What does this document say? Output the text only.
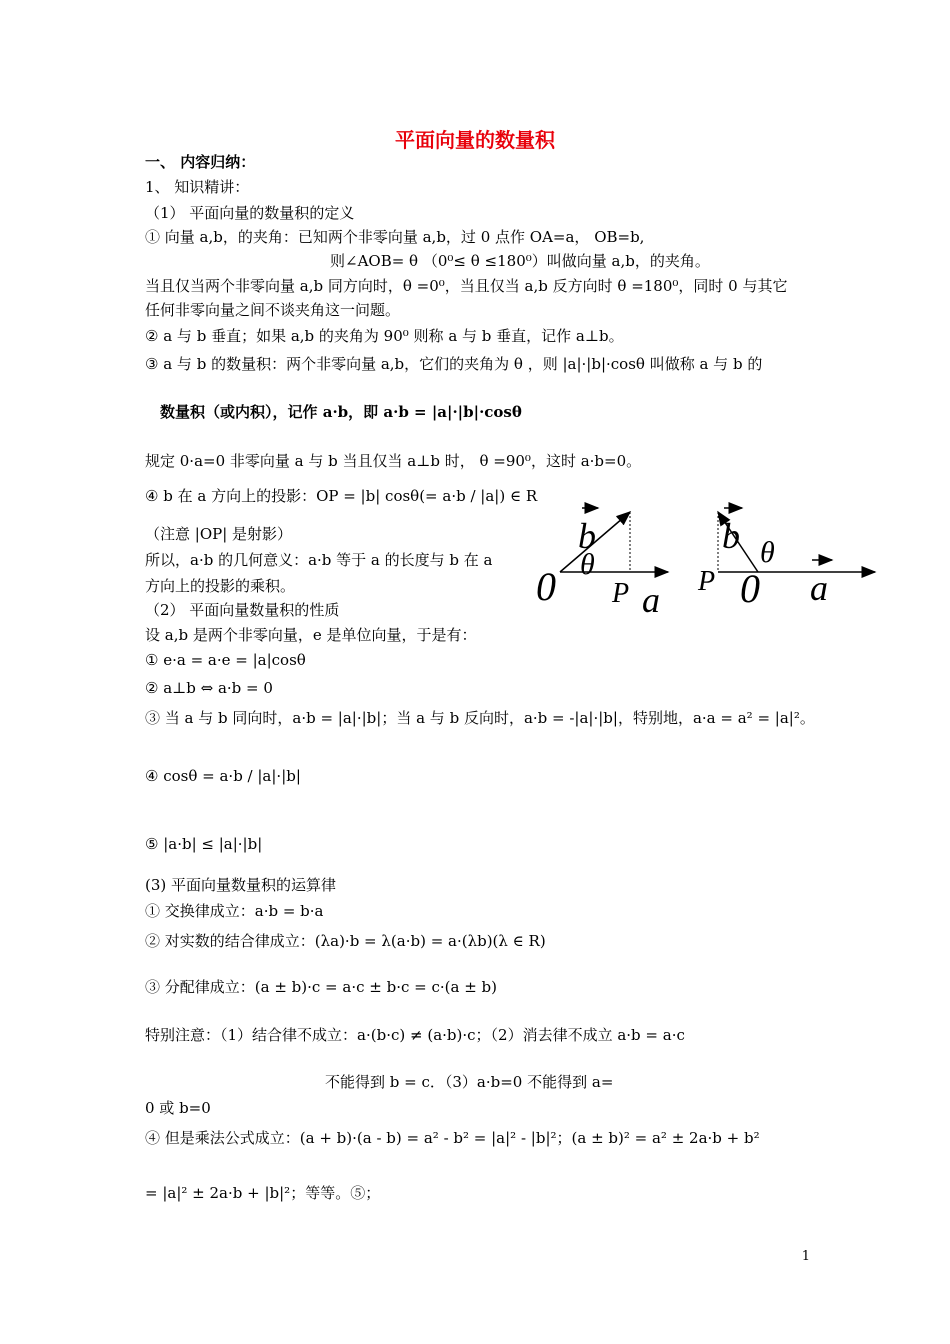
平面向量的数量积
一、 内容归纳：
1、 知识精讲：
（1） 平面向量的数量积的定义
① 向量 a,b，的夹角：已知两个非零向量 a,b，过 0 点作 OA=a， OB=b,
则∠AOB= θ （0⁰≤ θ ≤180⁰）叫做向量 a,b，的夹角。
当且仅当两个非零向量 a,b 同方向时，θ =0⁰，当且仅当 a,b 反方向时 θ =180⁰，同时 0 与其它
任何非零向量之间不谈夹角这一问题。
② a 与 b 垂直；如果 a,b 的夹角为 90⁰ 则称 a 与 b 垂直，记作 a⊥b。
③ a 与 b 的数量积：两个非零向量 a,b，它们的夹角为 θ ，则 |a|·|b|·cosθ 叫做称 a 与 b 的
数量积（或内积），记作 a·b，即 a·b = |a|·|b|·cosθ
规定 0·a=0 非零向量 a 与 b 当且仅当 a⊥b 时， θ =90⁰，这时 a·b=0。
④ b 在 a 方向上的投影：OP = |b| cosθ(= a·b / |a|) ∈ R
（注意 |OP| 是射影）
所以，a·b 的几何意义：a·b 等于 a 的长度与 b 在 a
方向上的投影的乘积。
b
θ
0 P a
b θ
0
P	a
（2） 平面向量数量积的性质
设 a,b 是两个非零向量，e 是单位向量，于是有：
① e·a = a·e = |a|cosθ
② a⊥b ⇔ a·b = 0
③ 当 a 与 b 同向时，a·b = |a|·|b|；当 a 与 b 反向时，a·b = -|a|·|b|，特别地，a·a = a² = |a|²。
④ cosθ = a·b / |a|·|b|
⑤ |a·b| ≤ |a|·|b|
(3) 平面向量数量积的运算律
① 交换律成立：a·b = b·a
② 对实数的结合律成立：(λa)·b = λ(a·b) = a·(λb)(λ ∈ R)
③ 分配律成立：(a ± b)·c = a·c ± b·c = c·(a ± b)
特别注意：（1）结合律不成立：a·(b·c) ≠ (a·b)·c；（2）消去律不成立 a·b = a·c
不能得到 b = c．（3）a·b=0 不能得到 a=
0 或 b=0
④ 但是乘法公式成立：(a + b)·(a - b) = a² - b² = |a|² - |b|²；(a ± b)² = a² ± 2a·b + b²
= |a|² ± 2a·b + |b|²；等等。⑤；
1
